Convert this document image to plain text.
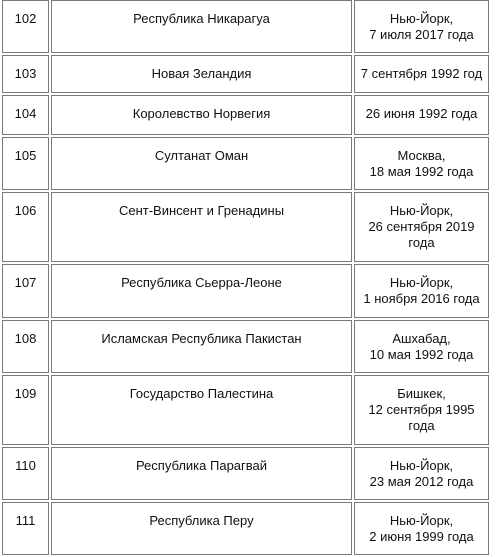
102	Республика Никарагуа	Нью-Йорк,
7 июля 2017 года

103	Новая Зеландия	7 сентября 1992 год

104	Королевство Норвегия	26 июня 1992 года

105	Султанат Оман	Москва,
18 мая 1992 года

106	Сент-Винсент и Гренадины	Нью-Йорк,
26 сентября 2019
года

107	Республика Сьерра-Леоне	Нью-Йорк,
1 ноября 2016 года

108	Исламская Республика Пакистан	Ашхабад,
10 мая 1992 года

109	Государство Палестина	Бишкек,
12 сентября 1995
года

110	Республика Парагвай	Нью-Йорк,
23 мая 2012 года

111	Республика Перу	Нью-Йорк,
2 июня 1999 года
